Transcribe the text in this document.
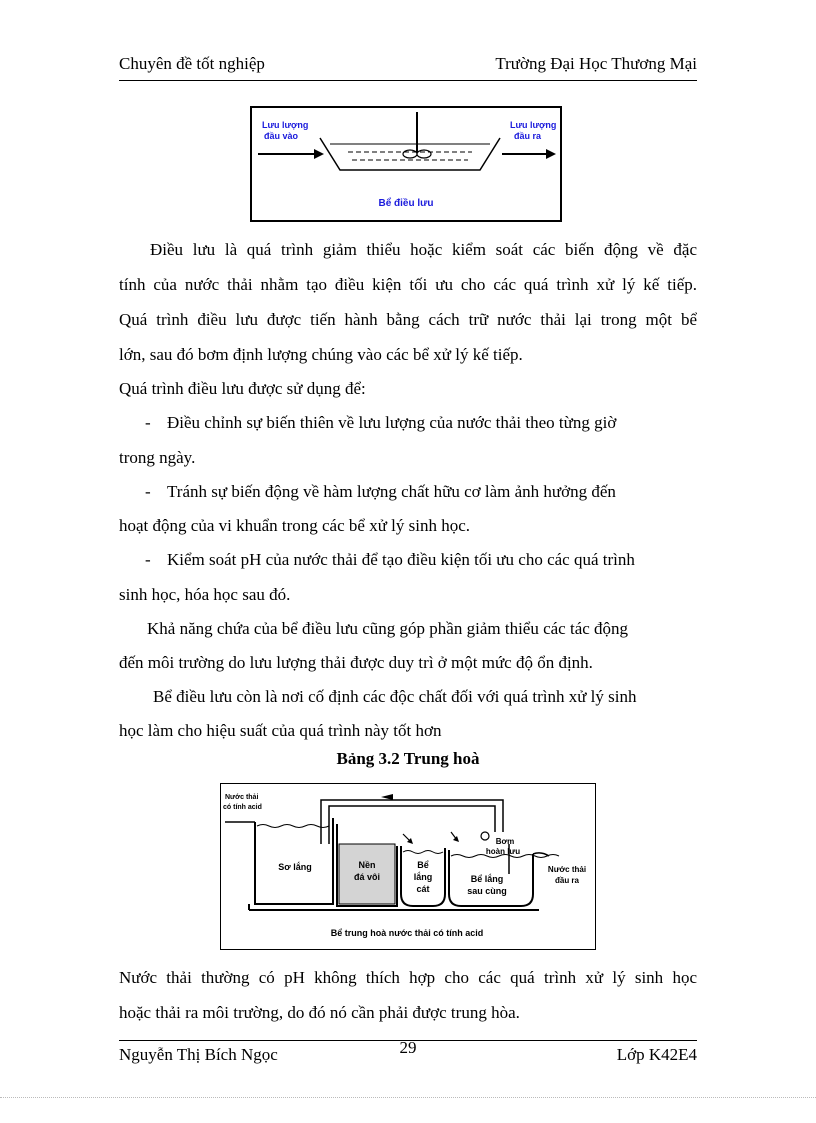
Chuyên đề tốt nghiệp	Trường Đại Học Thương Mại
Lưu lượng
đầu vào
Lưu lượng
đầu ra
Bể điều lưu
Điều lưu là quá trình giảm thiểu hoặc kiểm soát các biến động về đặc
tính của nước thải nhằm tạo điều kiện tối ưu cho các quá trình xử lý kế tiếp.
Quá trình điều lưu được tiến hành bằng cách trữ nước thải lại trong một bể
lớn, sau đó bơm định lượng chúng vào các bể xử lý kế tiếp.
Quá trình điều lưu được sử dụng để:
- Điều chỉnh sự biến thiên về lưu lượng của nước thải theo từng giờ
trong ngày.
- Tránh sự biến động về hàm lượng chất hữu cơ làm ảnh hưởng đến
hoạt động của vi khuẩn trong các bể xử lý sinh học.
- Kiểm soát pH của nước thải để tạo điều kiện tối ưu cho các quá trình
sinh học, hóa học sau đó.
Khả năng chứa của bể điều lưu cũng góp phần giảm thiểu các tác động
đến môi trường do lưu lượng thải được duy trì ở một mức độ ổn định.
Bể điều lưu còn là nơi cố định các độc chất đối với quá trình xử lý sinh
học làm cho hiệu suất của quá trình này tốt hơn
Bảng 3.2 Trung hoà
Nước thải
có tính acid
Sơ lắng	Nền
đá vôi
Bể
lắng
cát
Bơm
hoàn lưu
Bể lắng
sau cùng
Nước thải
đầu ra
Bể trung hoà nước thải có tính acid
Nước thải thường có pH không thích hợp cho các quá trình xử lý sinh học
hoặc thải ra môi trường, do đó nó cần phải được trung hòa.
Nguyễn Thị Bích Ngọc	29	Lớp K42E4
